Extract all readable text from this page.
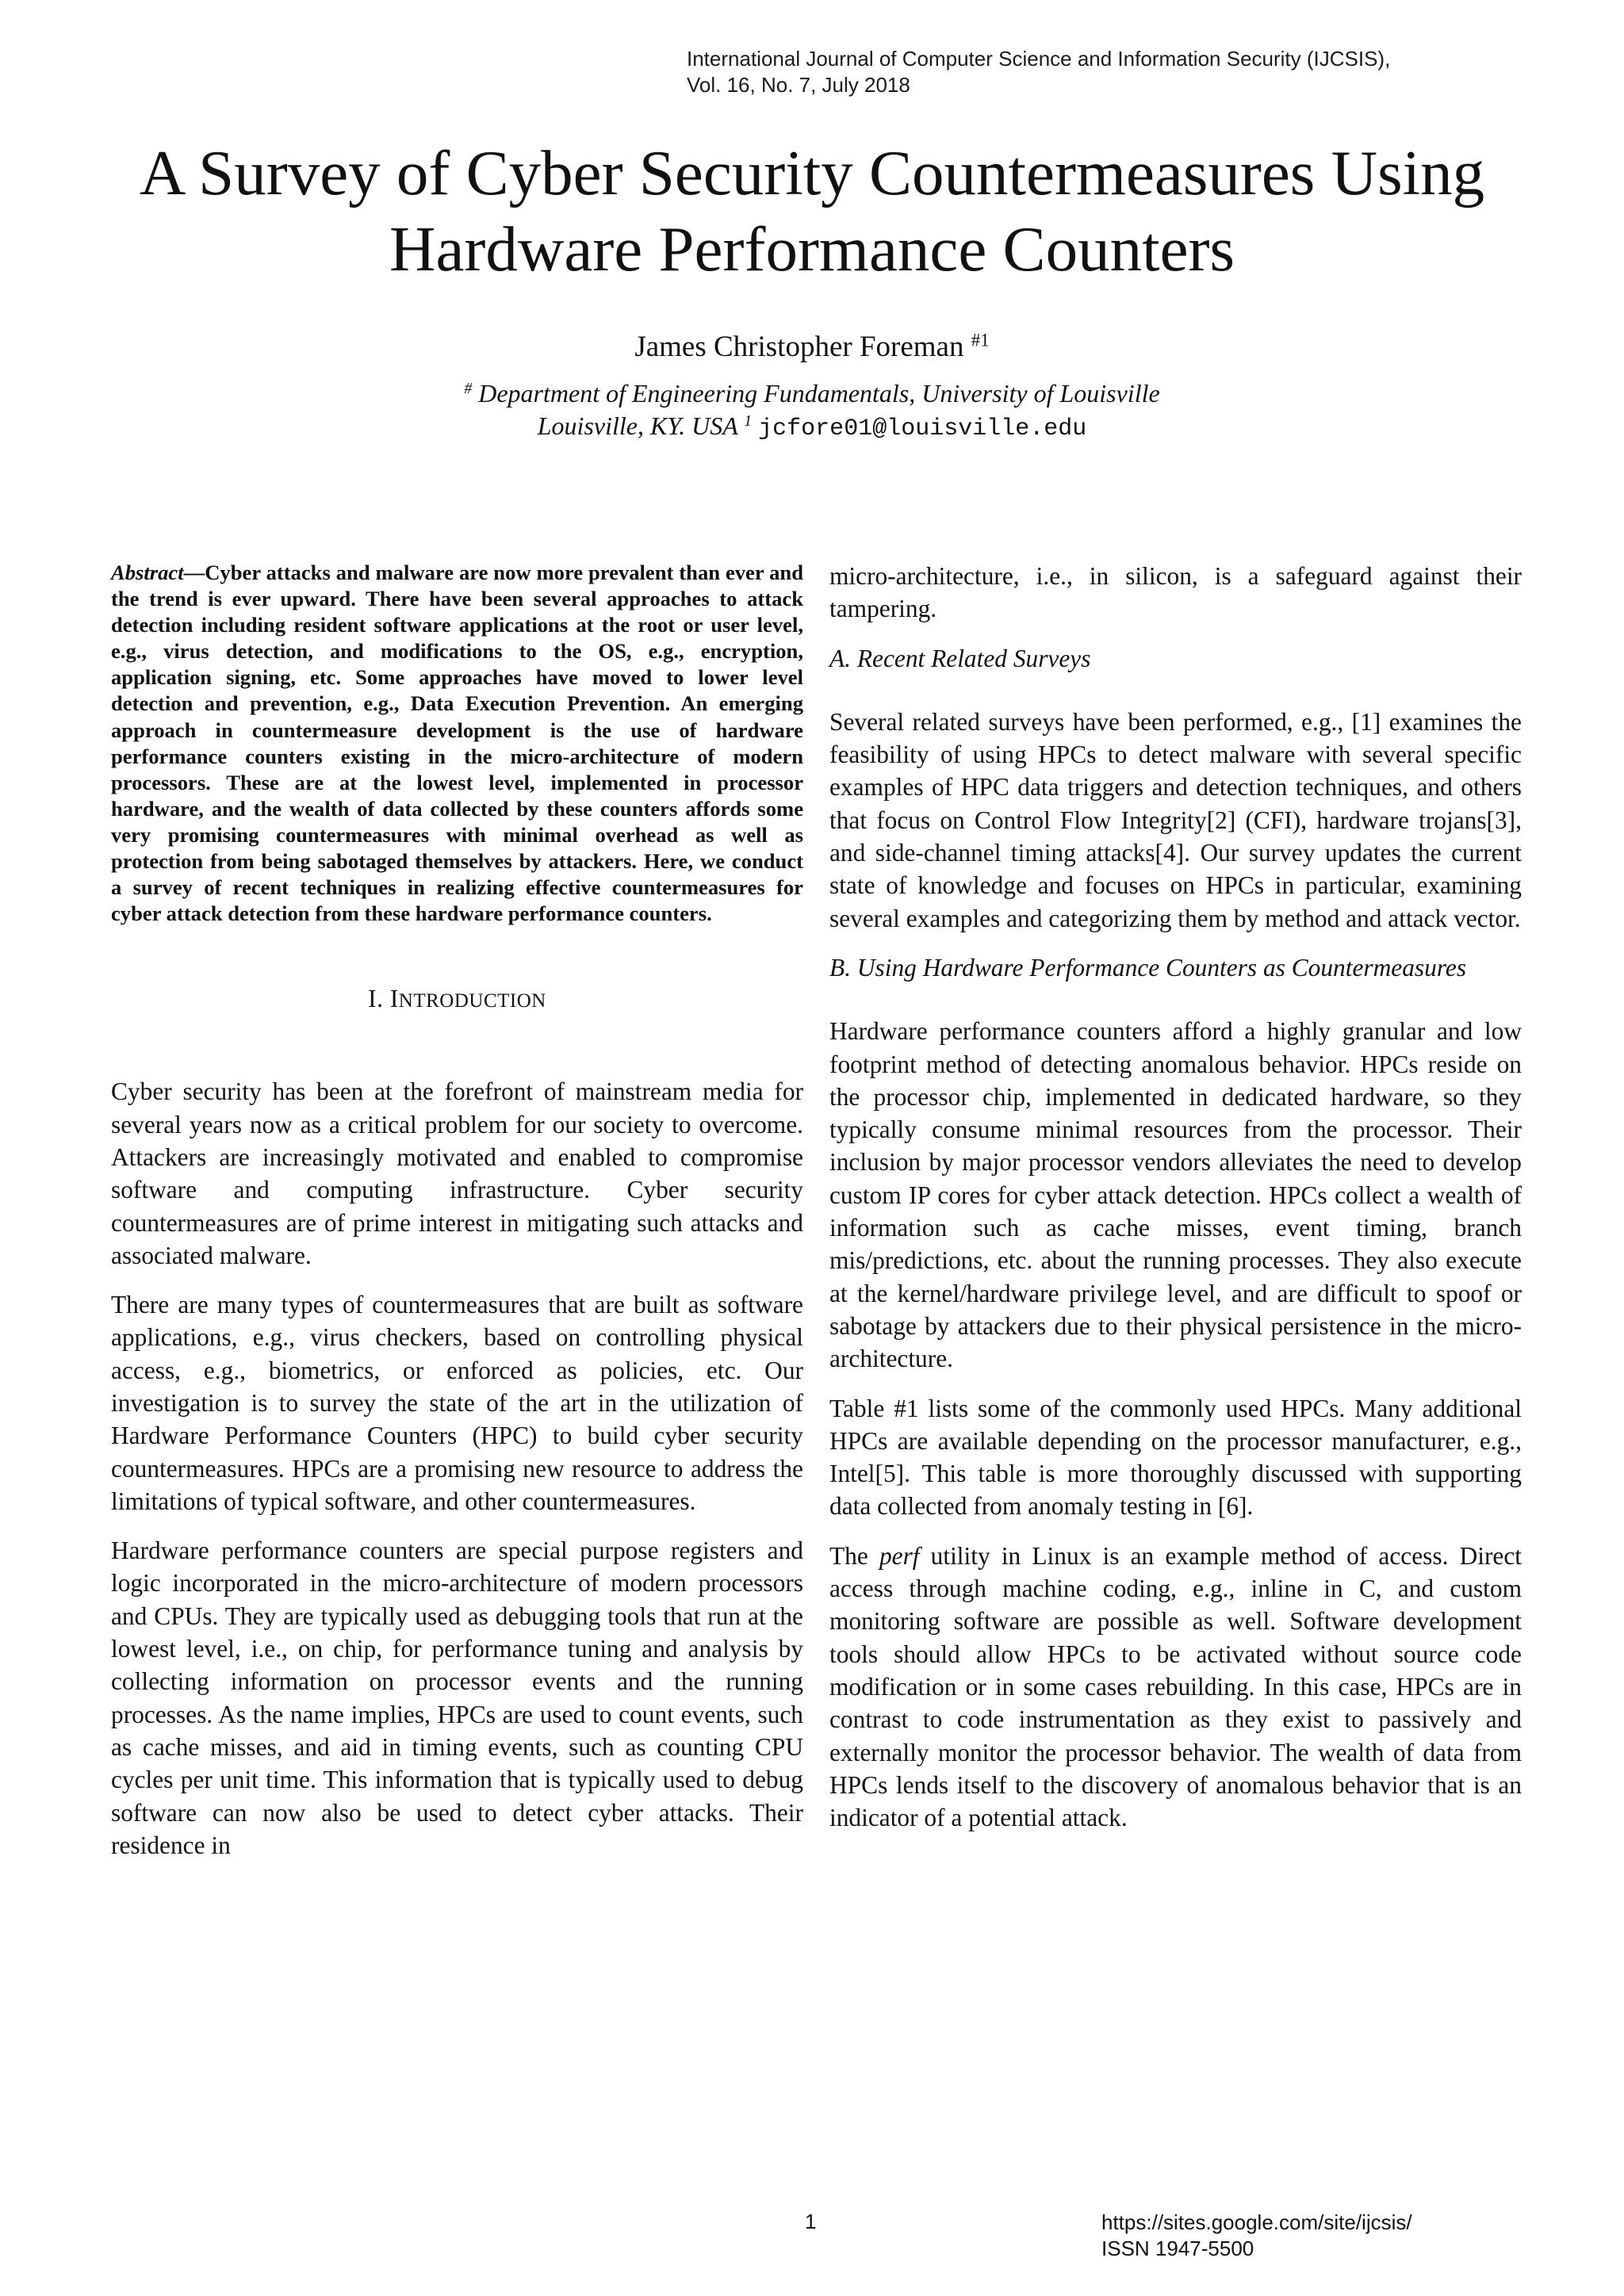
International Journal of Computer Science and Information Security (IJCSIS),
Vol. 16, No. 7, July 2018
A Survey of Cyber Security Countermeasures Using
Hardware Performance Counters
James Christopher Foreman $^{\#1}$
# Department of Engineering Fundamentals, University of Louisville
Louisville, KY. USA $^1$ jcfore01@louisville.edu

Abstract—Cyber attacks and malware are now more prevalent than ever and the trend is ever upward. There have been several approaches to attack detection including resident software applications at the root or user level, e.g., virus detection, and modifications to the OS, e.g., encryption, application signing, etc. Some approaches have moved to lower level detection and prevention, e.g., Data Execution Prevention. An emerging approach in countermeasure development is the use of hardware performance counters existing in the micro-architecture of modern processors. These are at the lowest level, implemented in processor hardware, and the wealth of data collected by these counters affords some very promising countermeasures with minimal overhead as well as protection from being sabotaged themselves by attackers. Here, we conduct a survey of recent techniques in realizing effective countermeasures for cyber attack detection from these hardware performance counters.

I. INTRODUCTION

Cyber security has been at the forefront of mainstream media for several years now as a critical problem for our society to overcome. Attackers are increasingly motivated and enabled to compromise software and computing infrastructure. Cyber security countermeasures are of prime interest in mitigating such attacks and associated malware.

There are many types of countermeasures that are built as software applications, e.g., virus checkers, based on controlling physical access, e.g., biometrics, or enforced as policies, etc. Our investigation is to survey the state of the art in the utilization of Hardware Performance Counters (HPC) to build cyber security countermeasures. HPCs are a promising new resource to address the limitations of typical software, and other countermeasures.

Hardware performance counters are special purpose registers and logic incorporated in the micro-architecture of modern processors and CPUs. They are typically used as debugging tools that run at the lowest level, i.e., on chip, for performance tuning and analysis by collecting information on processor events and the running processes. As the name implies, HPCs are used to count events, such as cache misses, and aid in timing events, such as counting CPU cycles per unit time. This information that is typically used to debug software can now also be used to detect cyber attacks. Their residence in

micro-architecture, i.e., in silicon, is a safeguard against their tampering.

A. Recent Related Surveys

Several related surveys have been performed, e.g., [1] examines the feasibility of using HPCs to detect malware with several specific examples of HPC data triggers and detection techniques, and others that focus on Control Flow Integrity[2] (CFI), hardware trojans[3], and side-channel timing attacks[4]. Our survey updates the current state of knowledge and focuses on HPCs in particular, examining several examples and categorizing them by method and attack vector.

B. Using Hardware Performance Counters as Countermeasures

Hardware performance counters afford a highly granular and low footprint method of detecting anomalous behavior. HPCs reside on the processor chip, implemented in dedicated hardware, so they typically consume minimal resources from the processor. Their inclusion by major processor vendors alleviates the need to develop custom IP cores for cyber attack detection. HPCs collect a wealth of information such as cache misses, event timing, branch mis/predictions, etc. about the running processes. They also execute at the kernel/hardware privilege level, and are difficult to spoof or sabotage by attackers due to their physical persistence in the micro-architecture.

Table #1 lists some of the commonly used HPCs. Many additional HPCs are available depending on the processor manufacturer, e.g., Intel[5]. This table is more thoroughly discussed with supporting data collected from anomaly testing in [6].

The perf utility in Linux is an example method of access. Direct access through machine coding, e.g., inline in C, and custom monitoring software are possible as well. Software development tools should allow HPCs to be activated without source code modification or in some cases rebuilding. In this case, HPCs are in contrast to code instrumentation as they exist to passively and externally monitor the processor behavior. The wealth of data from HPCs lends itself to the discovery of anomalous behavior that is an indicator of a potential attack.

1	https://sites.google.com/site/ijcsis/
ISSN 1947-5500
